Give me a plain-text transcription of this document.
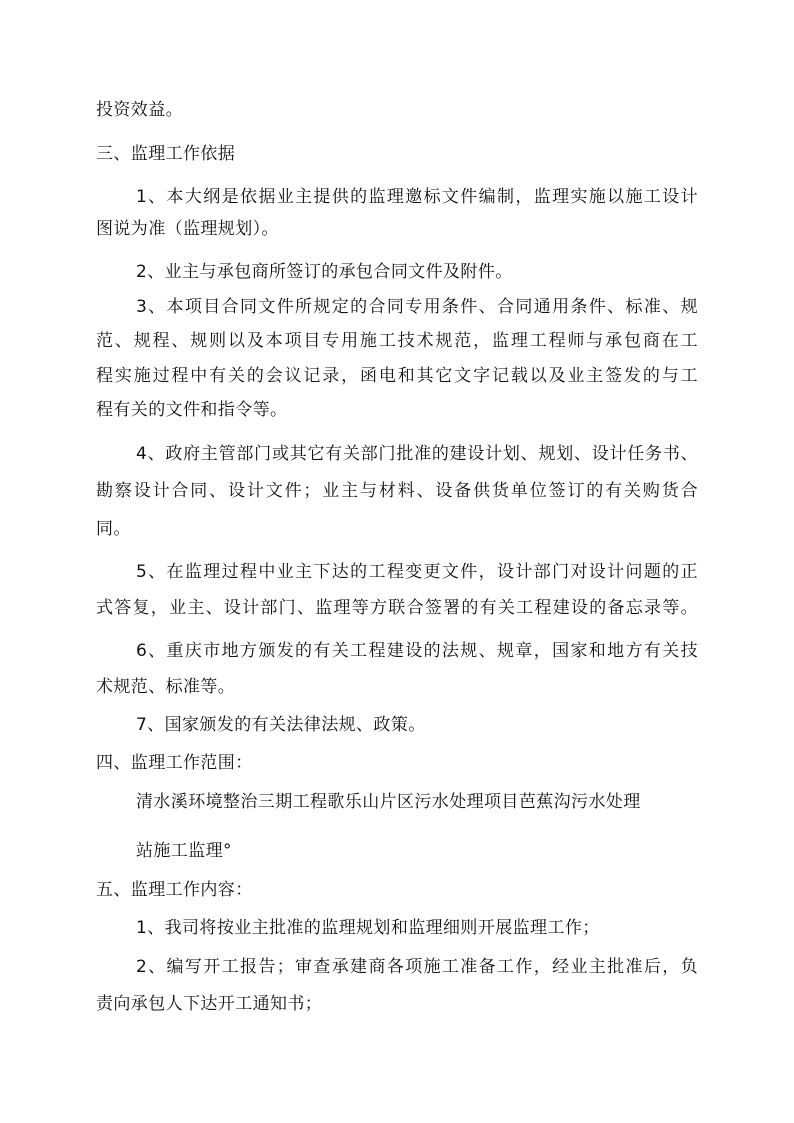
投资效益。
三、监理工作依据
1、本大纲是依据业主提供的监理邀标文件编制，监理实施以施工设计
图说为准（监理规划）。
2、业主与承包商所签订的承包合同文件及附件。
3、本项目合同文件所规定的合同专用条件、合同通用条件、标准、规
范、规程、规则以及本项目专用施工技术规范，监理工程师与承包商在工
程实施过程中有关的会议记录，函电和其它文字记载以及业主签发的与工
程有关的文件和指令等。
4、政府主管部门或其它有关部门批准的建设计划、规划、设计任务书、
勘察设计合同、设计文件；业主与材料、设备供货单位签订的有关购货合
同。
5、在监理过程中业主下达的工程变更文件，设计部门对设计问题的正
式答复，业主、设计部门、监理等方联合签署的有关工程建设的备忘录等。
6、重庆市地方颁发的有关工程建设的法规、规章，国家和地方有关技
术规范、标准等。
7、国家颁发的有关法律法规、政策。
四、监理工作范围：
清水溪环境整治三期工程歌乐山片区污水处理项目芭蕉沟污水处理
站施工监理°
五、监理工作内容：
1、我司将按业主批准的监理规划和监理细则开展监理工作；
2、编写开工报告；审查承建商各项施工准备工作，经业主批准后，负
责向承包人下达开工通知书；
